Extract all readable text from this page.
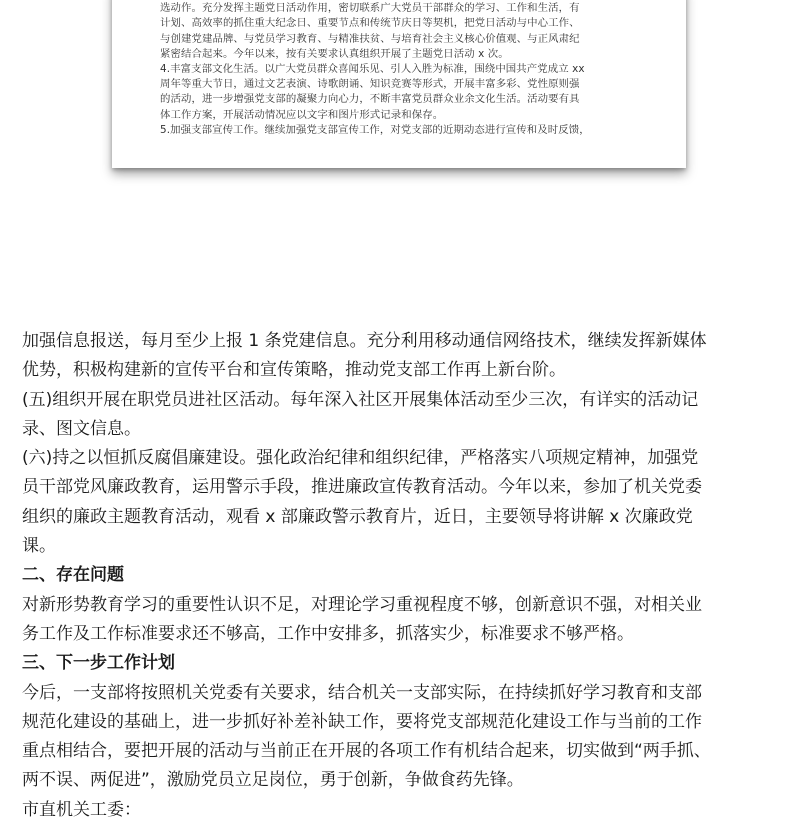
选动作。充分发挥主题党日活动作用，密切联系广大党员干部群众的学习、工作和生活，有
计划、高效率的抓住重大纪念日、重要节点和传统节庆日等契机，把党日活动与中心工作、
与创建党建品牌、与党员学习教育、与精准扶贫、与培育社会主义核心价值观、与正风肃纪
紧密结合起来。今年以来，按有关要求认真组织开展了主题党日活动 x 次。
4.丰富支部文化生活。以广大党员群众喜闻乐见、引人入胜为标准，围绕中国共产党成立 xx
周年等重大节日，通过文艺表演、诗歌朗诵、知识竞赛等形式，开展丰富多彩、党性原则强
的活动，进一步增强党支部的凝聚力向心力，不断丰富党员群众业余文化生活。活动要有具
体工作方案，开展活动情况应以文字和图片形式记录和保存。
5.加强支部宣传工作。继续加强党支部宣传工作，对党支部的近期动态进行宣传和及时反馈，
加强信息报送，每月至少上报 1 条党建信息。充分利用移动通信网络技术，继续发挥新媒体
优势，积极构建新的宣传平台和宣传策略，推动党支部工作再上新台阶。
(五)组织开展在职党员进社区活动。每年深入社区开展集体活动至少三次，有详实的活动记
录、图文信息。
(六)持之以恒抓反腐倡廉建设。强化政治纪律和组织纪律，严格落实八项规定精神，加强党
员干部党风廉政教育，运用警示手段，推进廉政宣传教育活动。今年以来，参加了机关党委
组织的廉政主题教育活动，观看 x 部廉政警示教育片，近日，主要领导将讲解 x 次廉政党
课。
二、存在问题
对新形势教育学习的重要性认识不足，对理论学习重视程度不够，创新意识不强，对相关业
务工作及工作标准要求还不够高，工作中安排多，抓落实少，标准要求不够严格。
三、下一步工作计划
今后，一支部将按照机关党委有关要求，结合机关一支部实际，在持续抓好学习教育和支部
规范化建设的基础上，进一步抓好补差补缺工作，要将党支部规范化建设工作与当前的工作
重点相结合，要把开展的活动与当前正在开展的各项工作有机结合起来，切实做到“两手抓、
两不误、两促进”，激励党员立足岗位，勇于创新，争做食药先锋。
市直机关工委：
